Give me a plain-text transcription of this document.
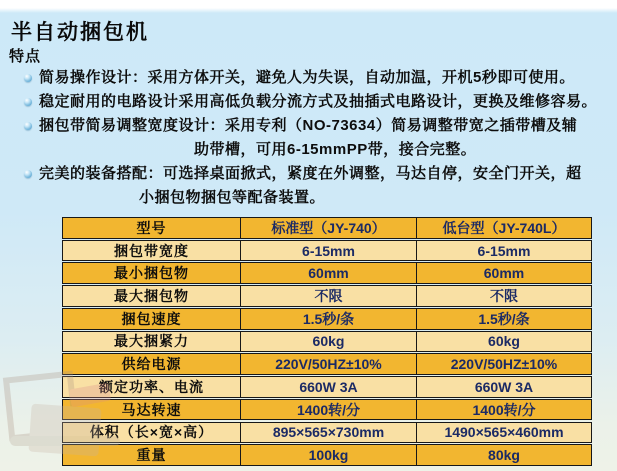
半自动捆包机
特点
简易操作设计：采用方体开关，避免人为失误，自动加温，开机5秒即可使用。
稳定耐用的电路设计采用高低负载分流方式及抽插式电路设计，更换及维修容易。
捆包带简易调整宽度设计：采用专利（NO-73634）简易调整带宽之插带槽及辅
助带槽，可用6-15mmPP带，接合完整。
完美的装备搭配：可选择桌面掀式，紧度在外调整，马达自停，安全门开关，超
小捆包物捆包等配备装置。
型号	标准型（JY-740）	低台型（JY-740L）
捆包带宽度	6-15mm	6-15mm
最小捆包物	60mm	60mm
最大捆包物	不限	不限
捆包速度	1.5秒/条	1.5秒/条
最大捆紧力	60kg	60kg
供给电源	220V/50HZ±10%	220V/50HZ±10%
额定功率、电流	660W 3A	660W 3A
马达转速	1400转/分	1400转/分
体积（长×宽×高）	895×565×730mm	1490×565×460mm
重量	100kg	80kg
